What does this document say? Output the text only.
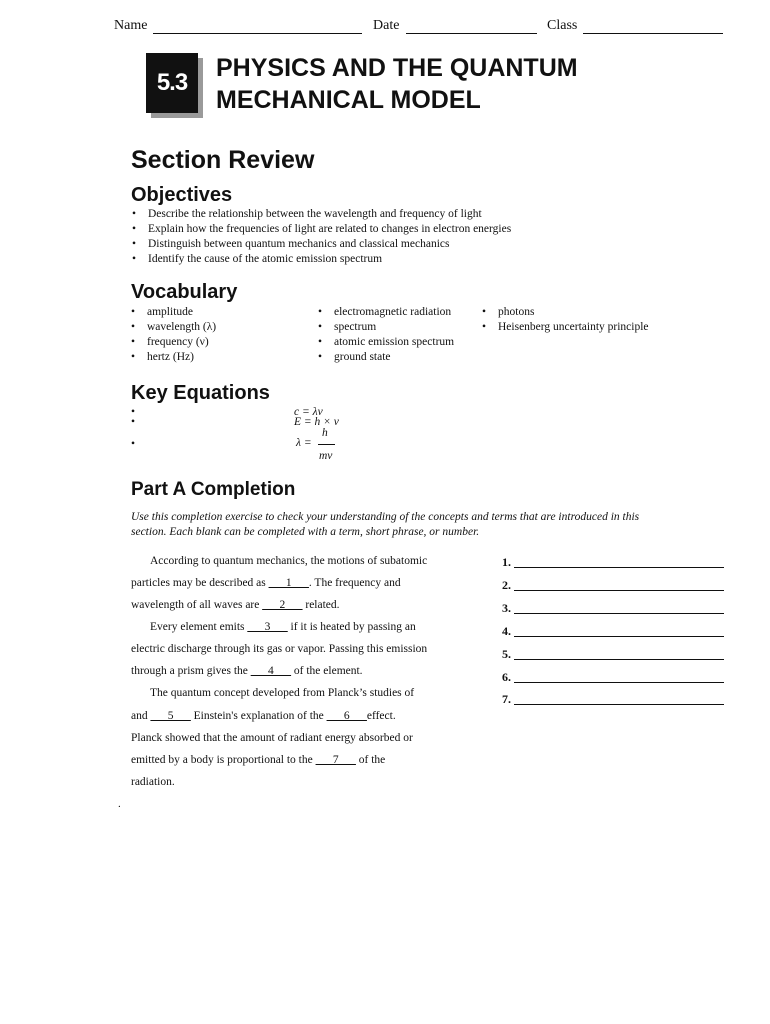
Name	Date	Class
5.3
PHYSICS AND THE QUANTUM
MECHANICAL MODEL
Section Review
Objectives
• Describe the relationship between the wavelength and frequency of light
• Explain how the frequencies of light are related to changes in electron energies
• Distinguish between quantum mechanics and classical mechanics
• Identify the cause of the atomic emission spectrum
Vocabulary
• amplitude
• wavelength (λ)
• frequency (ν)
• hertz (Hz)
• electromagnetic radiation
• spectrum
• atomic emission spectrum
• ground state
• photons
• Heisenberg uncertainty principle
Key Equations
•
•
•
c = λν
E = h × ν
λ =
h
mv
Part A Completion
Use this completion exercise to check your understanding of the concepts and terms that are introduced in this
section. Each blank can be completed with a term, short phrase, or number.
According to quantum mechanics, the motions of subatomic
particles may be described as ___1___. The frequency and
wavelength of all waves are ___2___ related.
Every element emits ___3___ if it is heated by passing an
electric discharge through its gas or vapor. Passing this emission
through a prism gives the ___4___ of the element.
The quantum concept developed from Planck’s studies of
and ___5___ Einstein's explanation of the ___6___effect.
Planck showed that the amount of radiant energy absorbed or
emitted by a body is proportional to the ___7___ of the
radiation.
1.
2.
3.
4.
5.
6.
7.
.
